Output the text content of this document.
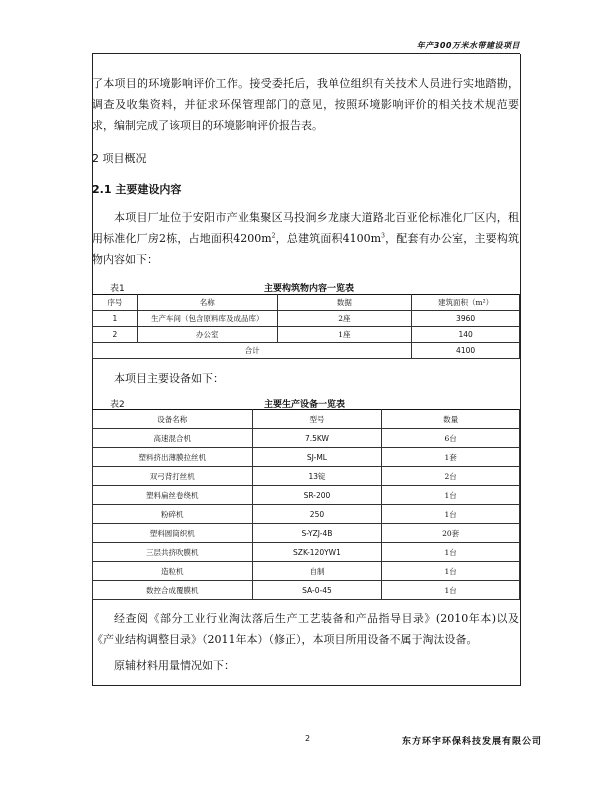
年产300万米水带建设项目
了本项目的环境影响评价工作。接受委托后，我单位组织有关技术人员进行实地踏勘，调查及收集资料，并征求环保管理部门的意见，按照环境影响评价的相关技术规范要求，编制完成了该项目的环境影响评价报告表。
2 项目概况
2.1 主要建设内容
本项目厂址位于安阳市产业集聚区马投涧乡龙康大道路北百亚伦标准化厂区内，租用标准化厂房2栋，占地面积$4200m^2$，总建筑面积$4100m^3$，配套有办公室，主要构筑物内容如下：
表1	主要构筑物内容一览表
序号	名称	数据	建筑面积（m²）
1	生产车间（包含原料库及成品库）	2座	3960
2	办公室	1座	140
合计			4100
本项目主要设备如下：
表2	主要生产设备一览表
设备名称	型号	数量
高速混合机	7.5KW	6台
塑料挤出薄膜拉丝机	SJ-ML	1套
双弓背打丝机	13锭	2台
塑料扁丝卷绕机	SR-200	1台
粉碎机	250	1台
塑料圆筒织机	S-YZJ-4B	20套
三层共挤吹膜机	SZK-120YW1	1台
造粒机	自制	1台
数控合成覆膜机	SA-0-45	1台
经查阅《部分工业行业淘汰落后生产工艺装备和产品指导目录》(2010年本)以及《产业结构调整目录》（2011年本）（修正），本项目所用设备不属于淘汰设备。
原辅材料用量情况如下：
2	东方环宇环保科技发展有限公司
